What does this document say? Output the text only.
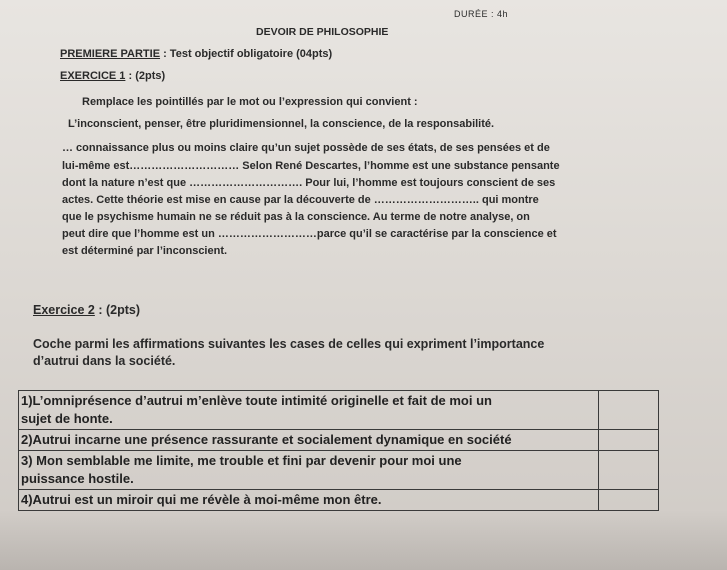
DURÉE : 4h
DEVOIR DE PHILOSOPHIE
PREMIERE PARTIE : Test objectif obligatoire (04pts)
EXERCICE 1 : (2pts)
Remplace les pointillés par le mot ou l’expression qui convient :
L’inconscient, penser, être pluridimensionnel, la conscience, de la responsabilité.
… connaissance plus ou moins claire qu’un sujet possède de ses états, de ses pensées et de
lui-même est………………………… Selon René Descartes, l’homme est une substance pensante
dont la nature n’est que …………………………. Pour lui, l’homme est toujours conscient de ses
actes. Cette théorie est mise en cause par la découverte de ……………………….. qui montre
que le psychisme humain ne se réduit pas à la conscience. Au terme de notre analyse, on
peut dire que l’homme est un ………………………parce qu’il se caractérise par la conscience et
est déterminé par l’inconscient.
Exercice 2 : (2pts)
Coche parmi les affirmations suivantes les cases de celles qui expriment l’importance
d’autrui dans la société.
1)L’omniprésence d’autrui m’enlève toute intimité originelle et fait de moi un
sujet de honte.	

2)Autrui incarne une présence rassurante et socialement dynamique en société	

3) Mon semblable me limite, me trouble et fini par devenir pour moi une
puissance hostile.	

4)Autrui est un miroir qui me révèle à moi-même mon être.	
